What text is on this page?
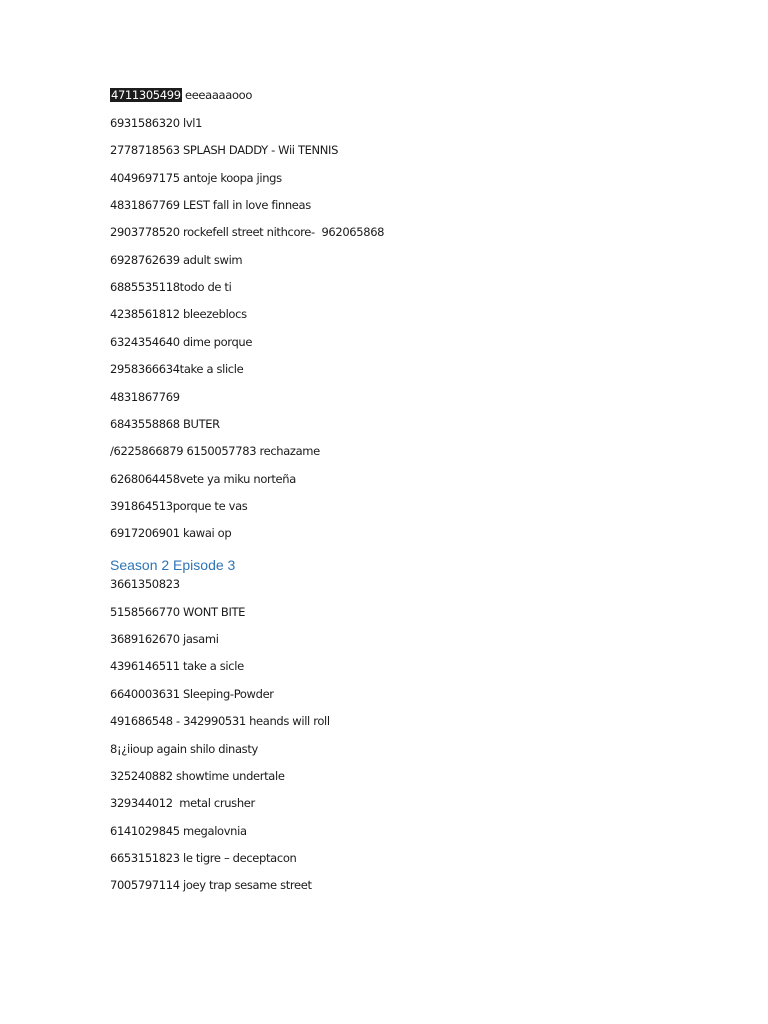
4711305499 eeeaaaaooo
6931586320 lvl1
2778718563 SPLASH DADDY - Wii TENNIS
4049697175 antoje koopa jings
4831867769 LEST fall in love finneas
2903778520 rockefell street nithcore-  962065868
6928762639 adult swim
6885535118todo de ti
4238561812 bleezeblocs
6324354640 dime porque
2958366634take a slicle
4831867769
6843558868 BUTER
/6225866879 6150057783 rechazame
6268064458vete ya miku norteña
391864513porque te vas
6917206901 kawai op
Season 2 Episode 3
3661350823
5158566770 WONT BITE
3689162670 jasami
4396146511 take a sicle
6640003631 Sleeping-Powder
491686548 - 342990531 heands will roll
8¡¿iioup again shilo dinasty
325240882 showtime undertale
329344012  metal crusher
6141029845 megalovnia
6653151823 le tigre – deceptacon
7005797114 joey trap sesame street
